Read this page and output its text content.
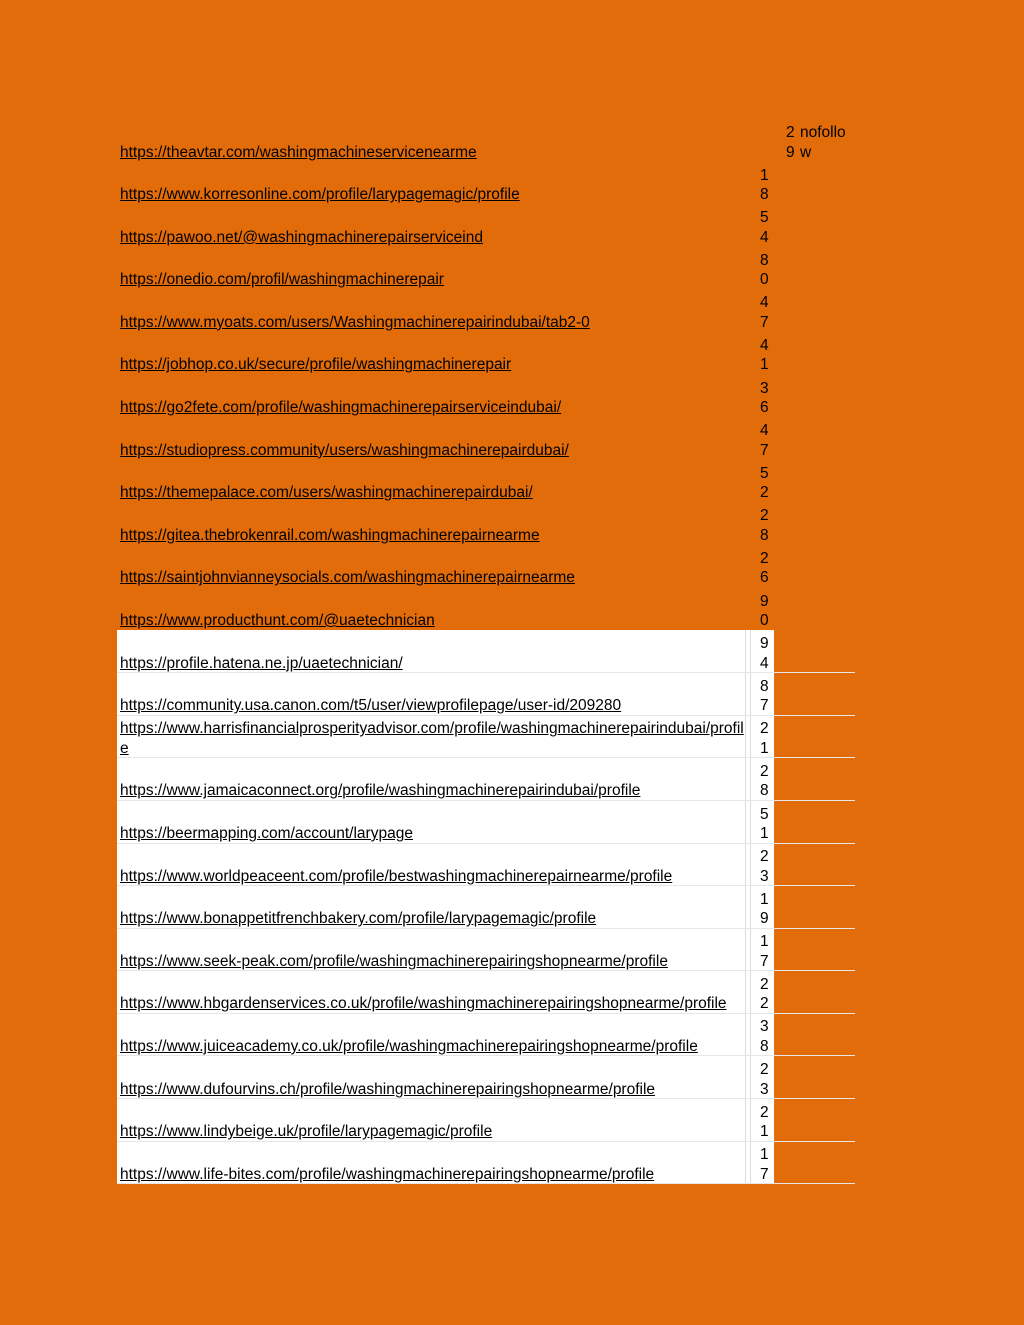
2
9
nofollo
w
https://theavtar.com/washingmachineservicenearme
https://www.korresonline.com/profile/larypagemagic/profile
1
8
https://pawoo.net/@washingmachinerepairserviceind
5
4
https://onedio.com/profil/washingmachinerepair
8
0
https://www.myoats.com/users/Washingmachinerepairindubai/tab2-0
4
7
https://jobhop.co.uk/secure/profile/washingmachinerepair
4
1
https://go2fete.com/profile/washingmachinerepairserviceindubai/
3
6
https://studiopress.community/users/washingmachinerepairdubai/
4
7
https://themepalace.com/users/washingmachinerepairdubai/
5
2
https://gitea.thebrokenrail.com/washingmachinerepairnearme
2
8
https://saintjohnvianneysocials.com/washingmachinerepairnearme
2
6
https://www.producthunt.com/@uaetechnician
9
0
https://profile.hatena.ne.jp/uaetechnician/
9
4
https://community.usa.canon.com/t5/user/viewprofilepage/user-id/209280
8
7
https://www.harrisfinancialprosperityadvisor.com/profile/washingmachinerepairindubai/profile
2
1
https://www.jamaicaconnect.org/profile/washingmachinerepairindubai/profile
2
8
https://beermapping.com/account/larypage
5
1
https://www.worldpeaceent.com/profile/bestwashingmachinerepairnearme/profile
2
3
https://www.bonappetitfrenchbakery.com/profile/larypagemagic/profile
1
9
https://www.seek-peak.com/profile/washingmachinerepairingshopnearme/profile
1
7
https://www.hbgardenservices.co.uk/profile/washingmachinerepairingshopnearme/profile
2
2
https://www.juiceacademy.co.uk/profile/washingmachinerepairingshopnearme/profile
3
8
https://www.dufourvins.ch/profile/washingmachinerepairingshopnearme/profile
2
3
https://www.lindybeige.uk/profile/larypagemagic/profile
2
1
https://www.life-bites.com/profile/washingmachinerepairingshopnearme/profile
1
7
